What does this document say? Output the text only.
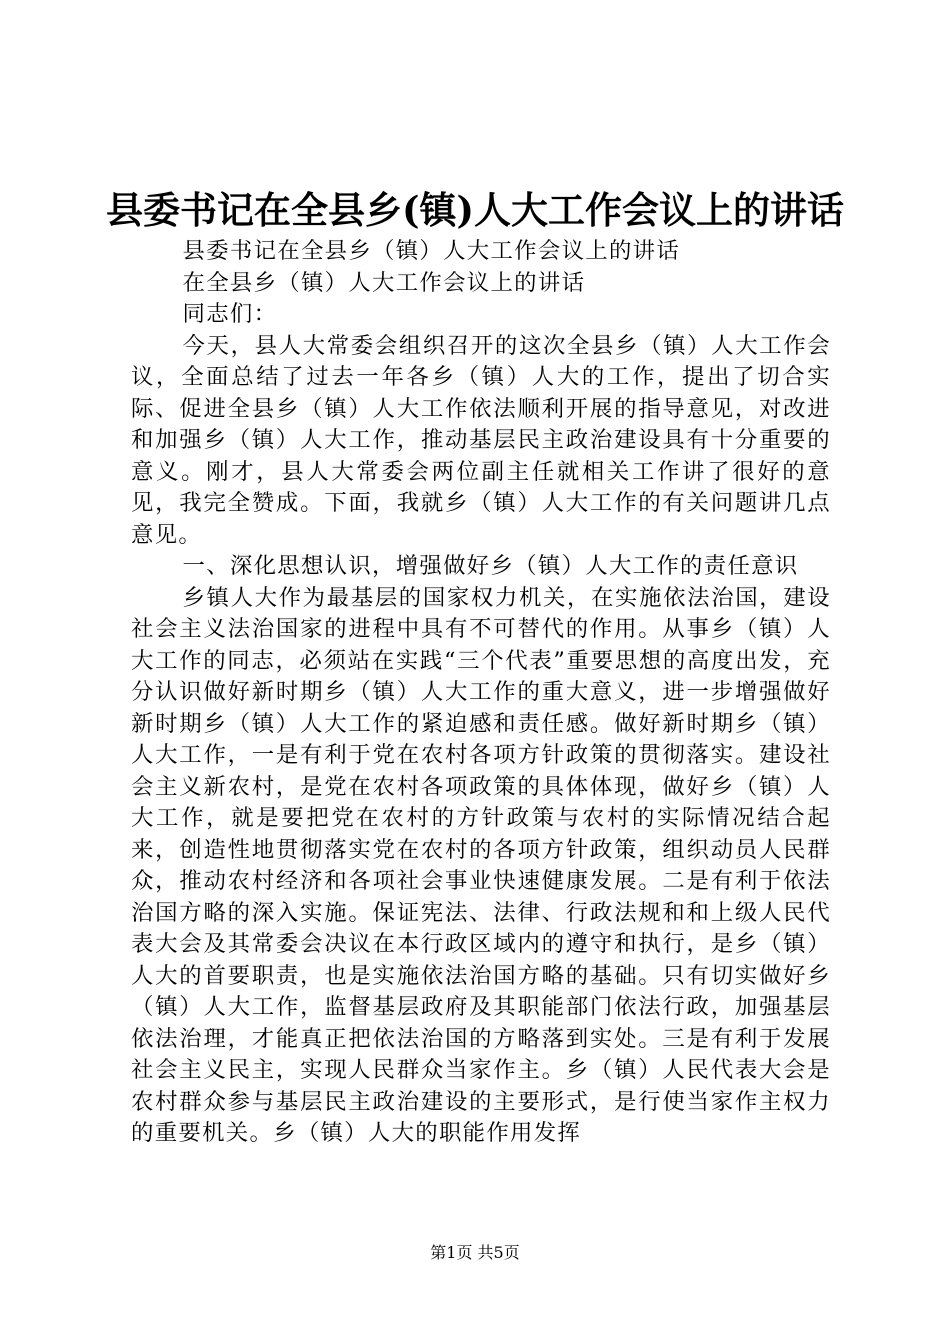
县委书记在全县乡(镇)人大工作会议上的讲话

县委书记在全县乡（镇）人大工作会议上的讲话

在全县乡（镇）人大工作会议上的讲话

同志们：

今天，县人大常委会组织召开的这次全县乡（镇）人大工作会议，全面总结了过去一年各乡（镇）人大的工作，提出了切合实际、促进全县乡（镇）人大工作依法顺利开展的指导意见，对改进和加强乡（镇）人大工作，推动基层民主政治建设具有十分重要的意义。刚才，县人大常委会两位副主任就相关工作讲了很好的意见，我完全赞成。下面，我就乡（镇）人大工作的有关问题讲几点意见。

一、深化思想认识，增强做好乡（镇）人大工作的责任意识

乡镇人大作为最基层的国家权力机关，在实施依法治国，建设社会主义法治国家的进程中具有不可替代的作用。从事乡（镇）人大工作的同志，必须站在实践“三个代表”重要思想的高度出发，充分认识做好新时期乡（镇）人大工作的重大意义，进一步增强做好新时期乡（镇）人大工作的紧迫感和责任感。做好新时期乡（镇）人大工作，一是有利于党在农村各项方针政策的贯彻落实。建设社会主义新农村，是党在农村各项政策的具体体现，做好乡（镇）人大工作，就是要把党在农村的方针政策与农村的实际情况结合起来，创造性地贯彻落实党在农村的各项方针政策，组织动员人民群众，推动农村经济和各项社会事业快速健康发展。二是有利于依法治国方略的深入实施。保证宪法、法律、行政法规和和上级人民代表大会及其常委会决议在本行政区域内的遵守和执行，是乡（镇）人大的首要职责，也是实施依法治国方略的基础。只有切实做好乡（镇）人大工作，监督基层政府及其职能部门依法行政，加强基层依法治理，才能真正把依法治国的方略落到实处。三是有利于发展社会主义民主，实现人民群众当家作主。乡（镇）人民代表大会是农村群众参与基层民主政治建设的主要形式，是行使当家作主权力的重要机关。乡（镇）人大的职能作用发挥

第1页 共5页
